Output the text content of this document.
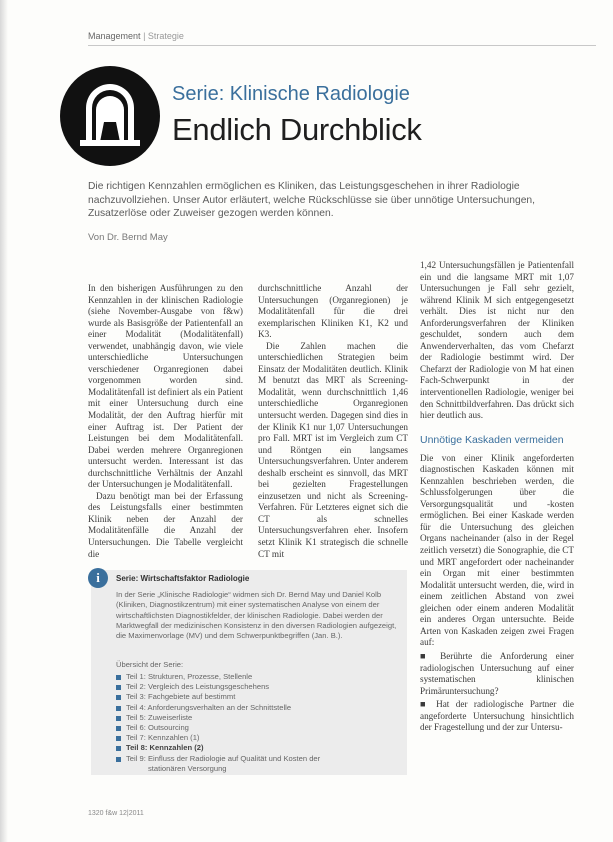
Management | Strategie
Serie: Klinische Radiologie
Endlich Durchblick
Die richtigen Kennzahlen ermöglichen es Kliniken, das Leistungsgeschehen in ihrer Radiologie nachzuvollziehen. Unser Autor erläutert, welche Rückschlüsse sie über unnötige Untersuchungen, Zusatzerlöse oder Zuweiser gezogen werden können.
Von Dr. Bernd May

In den bisherigen Ausführungen zu den Kennzahlen in der klinischen Radiologie (siehe November-Ausgabe von f&w) wurde als Basisgröße der Patientenfall an einer Modalität (Modalitätenfall) verwendet, unabhängig davon, wie viele unterschiedliche Untersuchungen verschiedener Organregionen dabei vorgenommen worden sind. Modalitätenfall ist definiert als ein Patient mit einer Untersuchung durch eine Modalität, der den Auftrag hierfür mit einer Auftrag ist. Der Patient der Leistungen bei dem Modalitätenfall. Dabei werden mehrere Organregionen untersucht werden. Interessant ist das durchschnittliche Verhältnis der Anzahl der Untersuchungen je Modalitätenfall.

Dazu benötigt man bei der Erfassung des Leistungsfalls einer bestimmten Klinik neben der Anzahl der Modalitätenfälle die Anzahl der Untersuchungen. Die Tabelle vergleicht die

durchschnittliche Anzahl der Untersuchungen (Organregionen) je Modalitätenfall für die drei exemplarischen Kliniken K1, K2 und K3.

Die Zahlen machen die unterschiedlichen Strategien beim Einsatz der Modalitäten deutlich. Klinik M benutzt das MRT als Screening-Modalität, wenn durchschnittlich 1,46 unterschiedliche Organregionen untersucht werden. Dagegen sind dies in der Klinik K1 nur 1,07 Untersuchungen pro Fall. MRT ist im Vergleich zum CT und Röntgen ein langsames Untersuchungsverfahren. Unter anderem deshalb erscheint es sinnvoll, das MRT bei gezielten Fragestellungen einzusetzen und nicht als Screening-Verfahren. Für Letzteres eignet sich die CT als schnelles Untersuchungsverfahren eher. Insofern setzt Klinik K1 strategisch die schnelle CT mit

1,42 Untersuchungsfällen je Patientenfall ein und die langsame MRT mit 1,07 Untersuchungen je Fall sehr gezielt, während Klinik M sich entgegengesetzt verhält. Dies ist nicht nur den Anforderungsverfahren der Kliniken geschuldet, sondern auch dem Anwenderverhalten, das vom Chefarzt der Radiologie bestimmt wird. Der Chefarzt der Radiologie von M hat einen Fach-Schwerpunkt in der interventionellen Radiologie, weniger bei den Schnittbildverfahren. Das drückt sich hier deutlich aus.

Unnötige Kaskaden vermeiden

Die von einer Klinik angeforderten diagnostischen Kaskaden können mit Kennzahlen beschrieben werden, die Schlussfolgerungen über die Versorgungsqualität und -kosten ermöglichen. Bei einer Kaskade werden für die Untersuchung des gleichen Organs nacheinander (also in der Regel zeitlich versetzt) die Sonographie, die CT und MRT angefordert oder nacheinander ein Organ mit einer bestimmten Modalität untersucht werden, die, wird in einem zeitlichen Abstand von zwei gleichen oder einem anderen Modalität ein anderes Organ untersuchte. Beide Arten von Kaskaden zeigen zwei Fragen auf:

■ Berührte die Anforderung einer radiologischen Untersuchung auf einer systematischen klinischen Primäruntersuchung?

■ Hat der radiologische Partner die angeforderte Untersuchung hinsichtlich der Fragestellung und der zur Untersu-

i	Serie: Wirtschaftsfaktor Radiologie
In der Serie „Klinische Radiologie“ widmen sich Dr. Bernd May und Daniel Kolb (Kliniken, Diagnostikzentrum) mit einer systematischen Analyse von einem der wirtschaftlichsten Diagnostikfelder, der klinischen Radiologie. Dabei werden der Marktwegfall der medizinischen Konsistenz in den diversen Radiologien aufgezeigt, die Maximenvorlage (MV) und dem Schwerpunktbegriffen (Jan. B.).
Übersicht der Serie:
Teil 1: Strukturen, Prozesse, Stellenle
Teil 2: Vergleich des Leistungsgeschehens
Teil 3: Fachgebiete auf bestimmt
Teil 4: Anforderungsverhalten an der Schnittstelle
Teil 5: Zuweiserliste
Teil 6: Outsourcing
Teil 7: Kennzahlen (1)
Teil 8: Kennzahlen (2)
Teil 9: Einfluss der Radiologie auf Qualität und Kosten der
stationären Versorgung
1320 f&w 12|2011
